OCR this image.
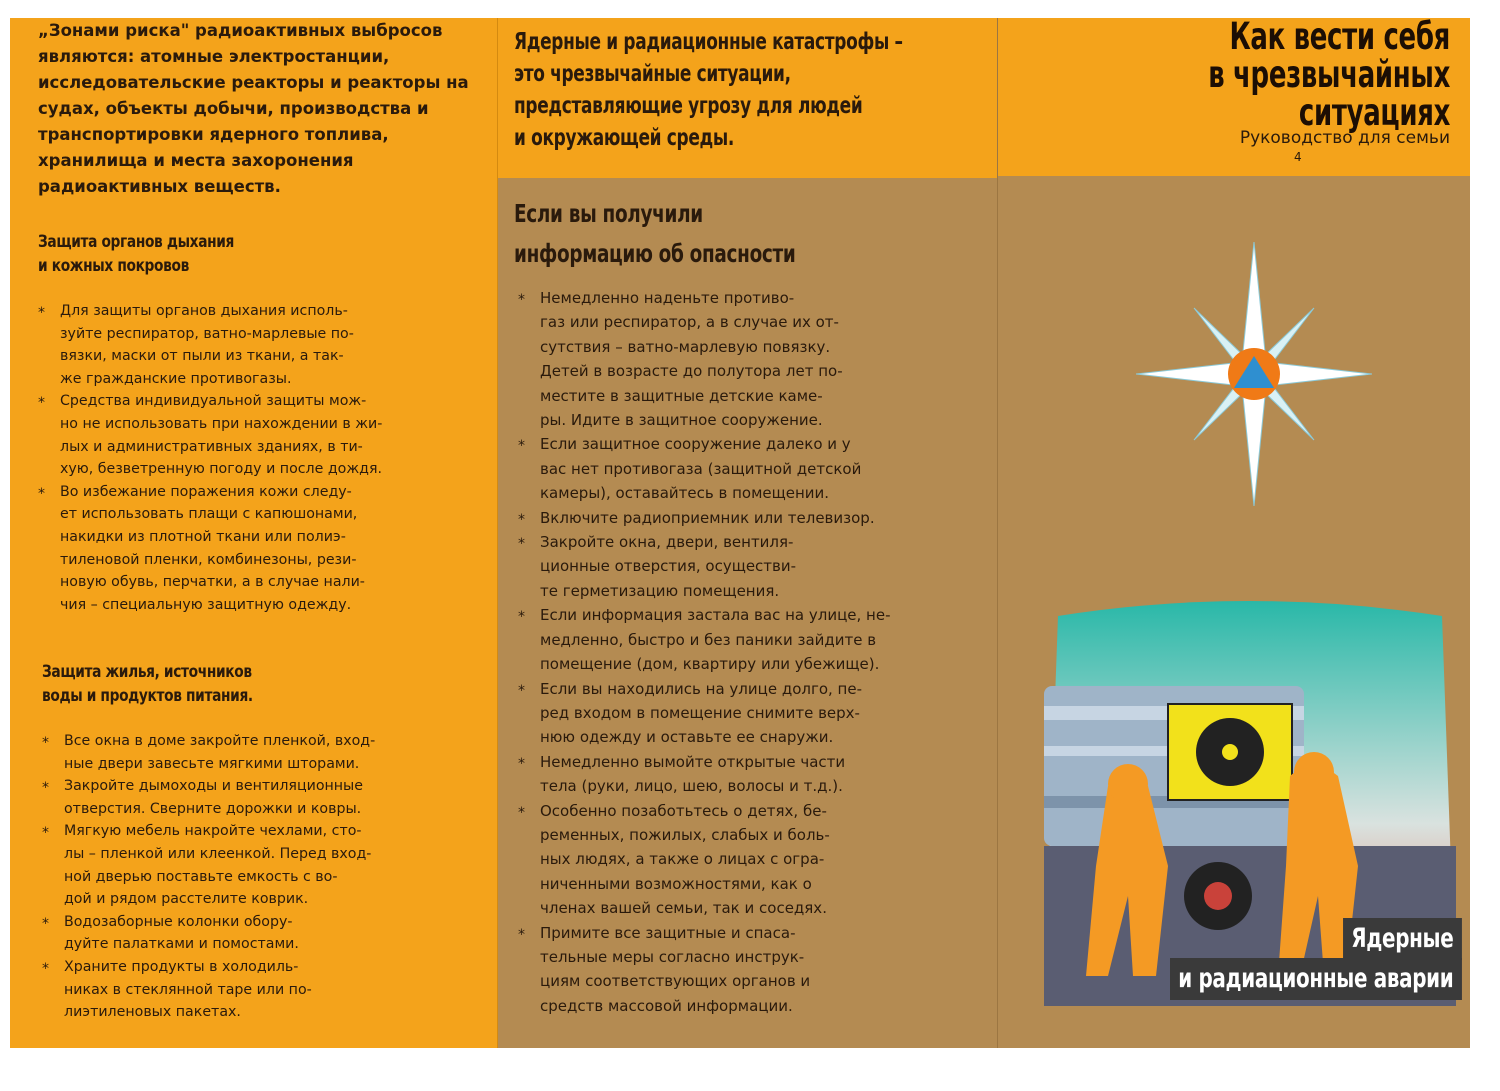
„Зонами риска" радиоактивных выбросов являются: атомные электростанции, исследовательские реакторы и реакторы на судах, объекты добычи, производства и транспортировки ядерного топлива, хранилища и места захоронения радиоактивных веществ.

Защита органов дыхания
и кожных покровов
* Для защиты органов дыхания исполь-
зуйте респиратор, ватно-марлевые по-
вязки, маски от пыли из ткани, а так-
же гражданские противогазы.
* Средства индивидуальной защиты мож-
но не использовать при нахождении в жи-
лых и административных зданиях, в ти-
хую, безветренную погоду и после дождя.
* Во избежание поражения кожи следу-
ет использовать плащи с капюшонами,
накидки из плотной ткани или полиэ-
тиленовой пленки, комбинезоны, рези-
новую обувь, перчатки, а в случае нали-
чия – специальную защитную одежду.
Защита жилья, источников
воды и продуктов питания.
* Все окна в доме закройте пленкой, вход-
ные двери завесьте мягкими шторами.
* Закройте дымоходы и вентиляционные
отверстия. Сверните дорожки и ковры.
* Мягкую мебель накройте чехлами, сто-
лы – пленкой или клеенкой. Перед вход-
ной дверью поставьте емкость с во-
дой и рядом расстелите коврик.
* Водозаборные колонки обору-
дуйте палатками и помостами.
* Храните продукты в холодиль-
никах в стеклянной таре или по-
лиэтиленовых пакетах.
Ядерные и радиационные катастрофы –
это чрезвычайные ситуации,
представляющие угрозу для людей
и окружающей среды.
Если вы получили
информацию об опасности
* Немедленно наденьте противо-
газ или респиратор, а в случае их от-
сутствия – ватно-марлевую повязку.
Детей в возрасте до полутора лет по-
местите в защитные детские каме-
ры. Идите в защитное сооружение.
* Если защитное сооружение далеко и у
вас нет противогаза (защитной детской
камеры), оставайтесь в помещении.
* Включите радиоприемник или телевизор.
* Закройте окна, двери, вентиля-
ционные отверстия, осуществи-
те герметизацию помещения.
* Если информация застала вас на улице, не-
медленно, быстро и без паники зайдите в
помещение (дом, квартиру или убежище).
* Если вы находились на улице долго, пе-
ред входом в помещение снимите верх-
нюю одежду и оставьте ее снаружи.
* Немедленно вымойте открытые части
тела (руки, лицо, шею, волосы и т.д.).
* Особенно позаботьтесь о детях, бе-
ременных, пожилых, слабых и боль-
ных людях, а также о лицах с огра-
ниченными возможностями, как о
членах вашей семьи, так и соседях.
* Примите все защитные и спаса-
тельные меры согласно инструк-
циям соответствующих органов и
средств массовой информации.
Как вести себя
в чрезвычайных
ситуациях

Руководство для семьи

4

Ядерные
и радиационные аварии
